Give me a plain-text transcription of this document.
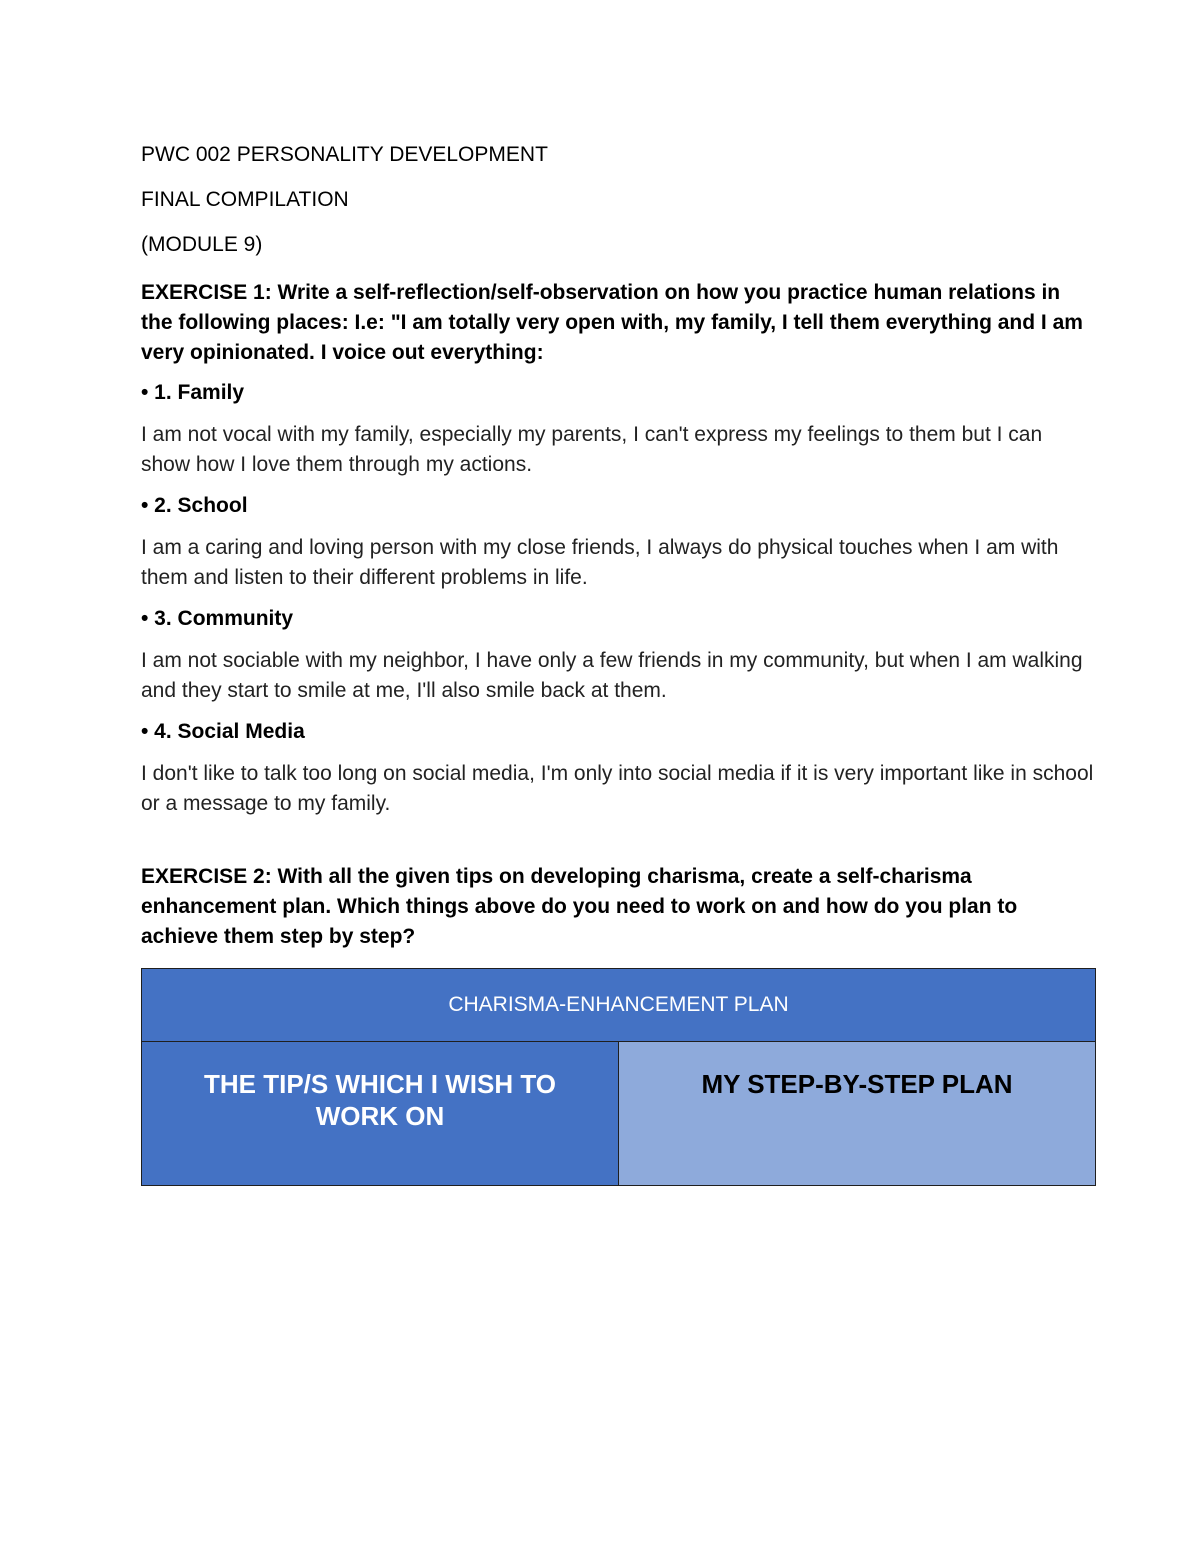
PWC 002 PERSONALITY DEVELOPMENT

FINAL COMPILATION

(MODULE 9)

EXERCISE 1: Write a self-reflection/self-observation on how you practice human relations in the following places: I.e: "I am totally very open with, my family, I tell them everything and I am very opinionated. I voice out everything:

• 1. Family

I am not vocal with my family, especially my parents, I can't express my feelings to them but I can show how I love them through my actions.

• 2. School

I am a caring and loving person with my close friends, I always do physical touches when I am with them and listen to their different problems in life.

• 3. Community

I am not sociable with my neighbor, I have only a few friends in my community, but when I am walking and they start to smile at me, I'll also smile back at them.

• 4. Social Media

I don't like to talk too long on social media, I'm only into social media if it is very important like in school or a message to my family.

EXERCISE 2: With all the given tips on developing charisma, create a self-charisma enhancement plan. Which things above do you need to work on and how do you plan to achieve them step by step?

CHARISMA-ENHANCEMENT PLAN
THE TIP/S WHICH I WISH TO WORK ON	MY STEP-BY-STEP PLAN
